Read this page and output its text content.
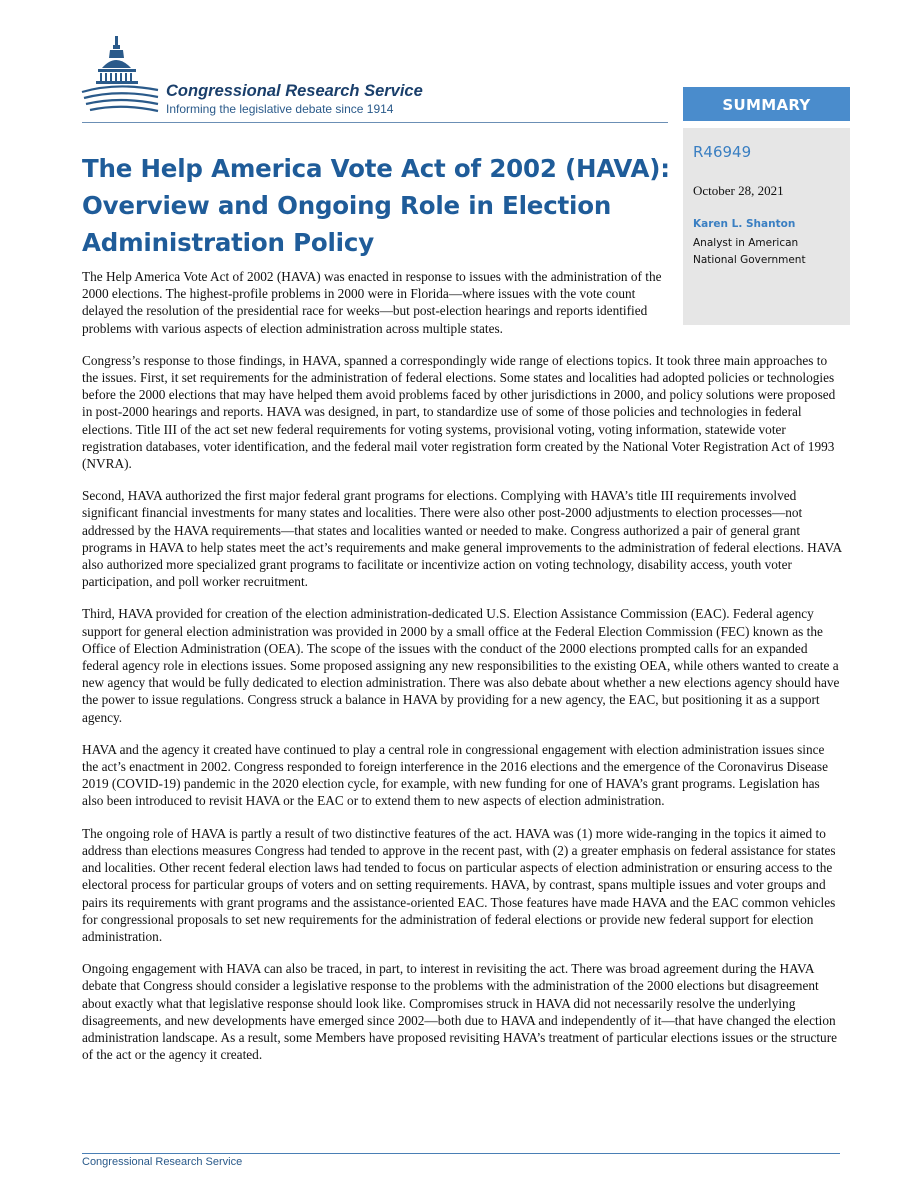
Congressional Research Service
Informing the legislative debate since 1914	SUMMARY
R46949
October 28, 2021
Karen L. Shanton
Analyst in American National Government
The Help America Vote Act of 2002 (HAVA): Overview and Ongoing Role in Election Administration Policy

The Help America Vote Act of 2002 (HAVA) was enacted in response to issues with the administration of the 2000 elections. The highest-profile problems in 2000 were in Florida—where issues with the vote count delayed the resolution of the presidential race for weeks—but post-election hearings and reports identified problems with various aspects of election administration across multiple states.

Congress’s response to those findings, in HAVA, spanned a correspondingly wide range of elections topics. It took three main approaches to the issues. First, it set requirements for the administration of federal elections. Some states and localities had adopted policies or technologies before the 2000 elections that may have helped them avoid problems faced by other jurisdictions in 2000, and policy solutions were proposed in post-2000 hearings and reports. HAVA was designed, in part, to standardize use of some of those policies and technologies in federal elections. Title III of the act set new federal requirements for voting systems, provisional voting, voting information, statewide voter registration databases, voter identification, and the federal mail voter registration form created by the National Voter Registration Act of 1993 (NVRA).

Second, HAVA authorized the first major federal grant programs for elections. Complying with HAVA’s title III requirements involved significant financial investments for many states and localities. There were also other post-2000 adjustments to election processes—not addressed by the HAVA requirements—that states and localities wanted or needed to make. Congress authorized a pair of general grant programs in HAVA to help states meet the act’s requirements and make general improvements to the administration of federal elections. HAVA also authorized more specialized grant programs to facilitate or incentivize action on voting technology, disability access, youth voter participation, and poll worker recruitment.

Third, HAVA provided for creation of the election administration-dedicated U.S. Election Assistance Commission (EAC). Federal agency support for general election administration was provided in 2000 by a small office at the Federal Election Commission (FEC) known as the Office of Election Administration (OEA). The scope of the issues with the conduct of the 2000 elections prompted calls for an expanded federal agency role in elections issues. Some proposed assigning any new responsibilities to the existing OEA, while others wanted to create a new agency that would be fully dedicated to election administration. There was also debate about whether a new elections agency should have the power to issue regulations. Congress struck a balance in HAVA by providing for a new agency, the EAC, but positioning it as a support agency.

HAVA and the agency it created have continued to play a central role in congressional engagement with election administration issues since the act’s enactment in 2002. Congress responded to foreign interference in the 2016 elections and the emergence of the Coronavirus Disease 2019 (COVID-19) pandemic in the 2020 election cycle, for example, with new funding for one of HAVA’s grant programs. Legislation has also been introduced to revisit HAVA or the EAC or to extend them to new aspects of election administration.

The ongoing role of HAVA is partly a result of two distinctive features of the act. HAVA was (1) more wide-ranging in the topics it aimed to address than elections measures Congress had tended to approve in the recent past, with (2) a greater emphasis on federal assistance for states and localities. Other recent federal election laws had tended to focus on particular aspects of election administration or ensuring access to the electoral process for particular groups of voters and on setting requirements. HAVA, by contrast, spans multiple issues and voter groups and pairs its requirements with grant programs and the assistance-oriented EAC. Those features have made HAVA and the EAC common vehicles for congressional proposals to set new requirements for the administration of federal elections or provide new federal support for election administration.

Ongoing engagement with HAVA can also be traced, in part, to interest in revisiting the act. There was broad agreement during the HAVA debate that Congress should consider a legislative response to the problems with the administration of the 2000 elections but disagreement about exactly what that legislative response should look like. Compromises struck in HAVA did not necessarily resolve the underlying disagreements, and new developments have emerged since 2002—both due to HAVA and independently of it—that have changed the election administration landscape. As a result, some Members have proposed revisiting HAVA’s treatment of particular elections issues or the structure of the act or the agency it created.

Congressional Research Service
